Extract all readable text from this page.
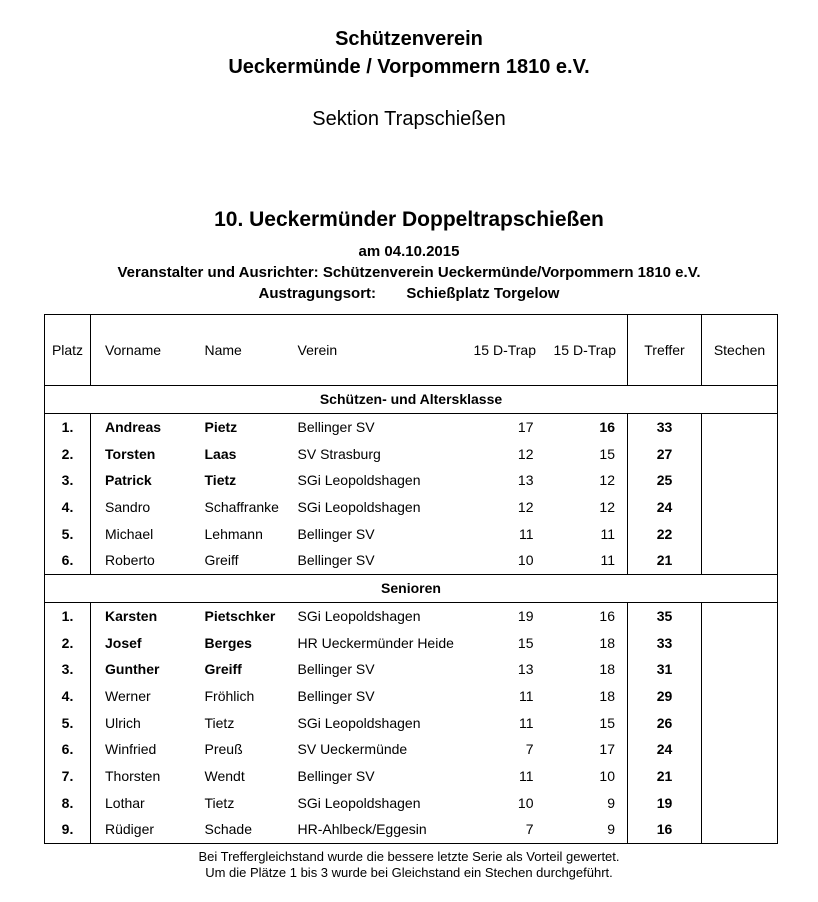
Schützenverein
Ueckermünde / Vorpommern 1810 e.V.
Sektion Trapschießen
10. Ueckermünder Doppeltrapschießen
am 04.10.2015
Veranstalter und Ausrichter: Schützenverein Ueckermünde/Vorpommern 1810 e.V.
Austragungsort: Schießplatz Torgelow
Platz	Vorname	Name	Verein	15 D-Trap	15 D-Trap	Treffer	Stechen
Schützen- und Altersklasse							
1.	Andreas	Pietz	Bellinger SV	17	16	33	
2.	Torsten	Laas	SV Strasburg	12	15	27	
3.	Patrick	Tietz	SGi Leopoldshagen	13	12	25	
4.	Sandro	Schaffranke	SGi Leopoldshagen	12	12	24	
5.	Michael	Lehmann	Bellinger SV	11	11	22	
6.	Roberto	Greiff	Bellinger SV	10	11	21	
Senioren							
1.	Karsten	Pietschker	SGi Leopoldshagen	19	16	35	
2.	Josef	Berges	HR Ueckermünder Heide	15	18	33	
3.	Gunther	Greiff	Bellinger SV	13	18	31	
4.	Werner	Fröhlich	Bellinger SV	11	18	29	
5.	Ulrich	Tietz	SGi Leopoldshagen	11	15	26	
6.	Winfried	Preuß	SV Ueckermünde	7	17	24	
7.	Thorsten	Wendt	Bellinger SV	11	10	21	
8.	Lothar	Tietz	SGi Leopoldshagen	10	9	19	
9.	Rüdiger	Schade	HR-Ahlbeck/Eggesin	7	9	16	
Bei Treffergleichstand wurde die bessere letzte Serie als Vorteil gewertet.
Um die Plätze 1 bis 3 wurde bei Gleichstand ein Stechen durchgeführt.
